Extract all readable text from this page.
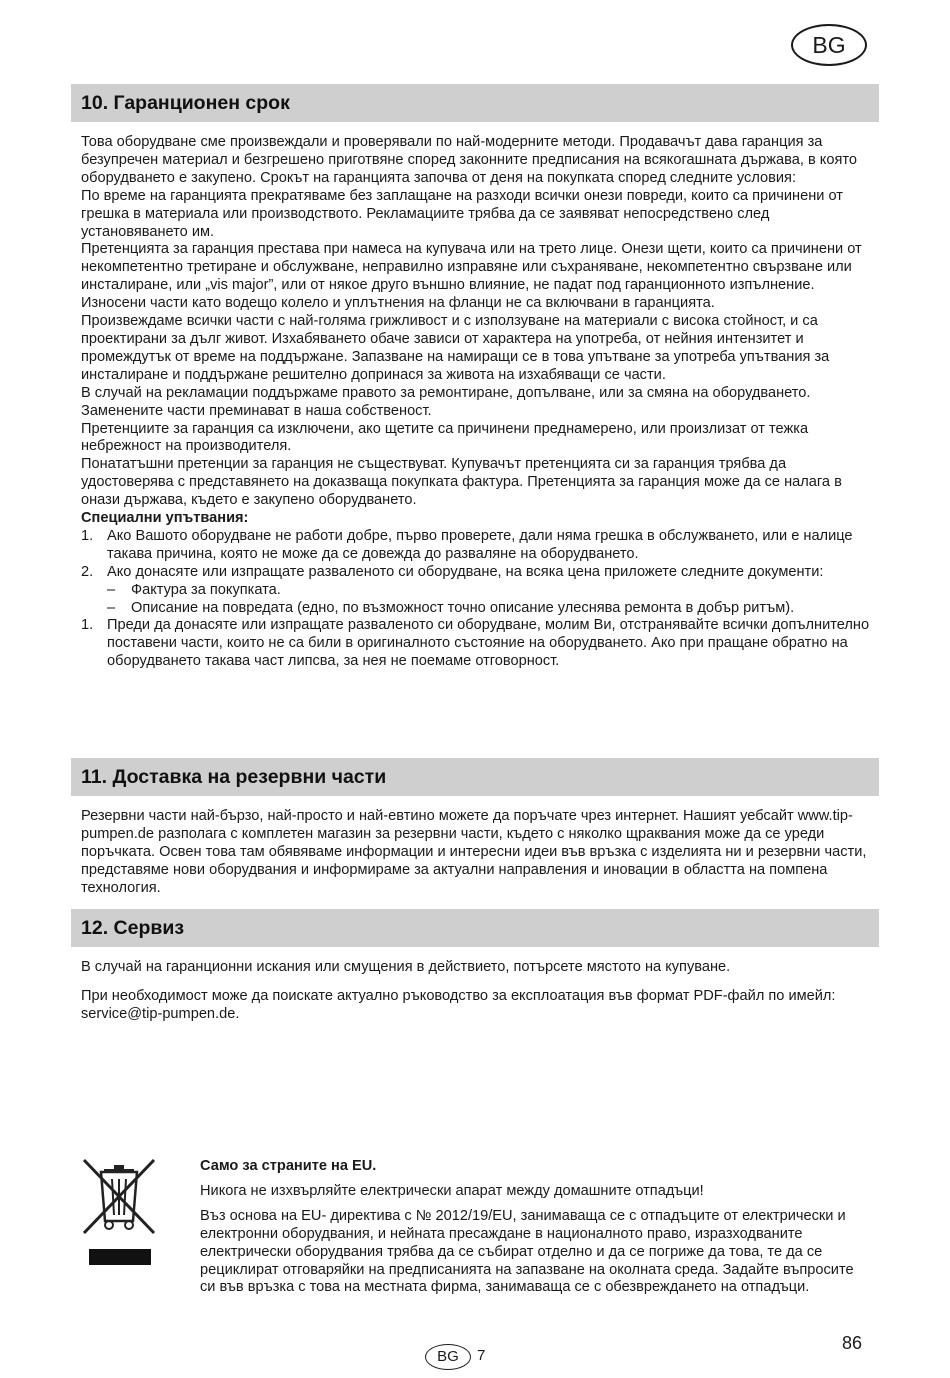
BG
10. Гаранционен срок

Това оборудване сме произвеждали и проверявали по най-модерните методи. Продавачът дава гаранция за безупречен материал и безгрешено приготвяне според законните предписания на всякогашната държава, в която оборудването е закупено. Срокът на гаранцията започва от деня на покупката според следните условия:

По време на гаранцията прекратяваме без заплащане на разходи всички онези повреди, които са причинени от грешка в материала или производството. Рекламациите трябва да се заявяват непосредствено след установяването им.

Претенцията за гаранция престава при намеса на купувача или на трето лице. Онези щети, които са причинени от некомпетентно третиране и обслужване, неправилно изправяне или съхраняване, некомпетентно свързване или инсталиране, или „vis major”, или от някое друго външно влияние, не падат под гаранционното изпълнение.

Износени части като водещо колело и уплътнения на фланци не са включвани в гаранцията.

Произвеждаме всички части с най-голяма грижливост и с използуване на материали с висока стойност, и са проектирани за дълг живот. Изхабяването обаче зависи от характера на употреба, от нейния интензитет и промеждутък от време на поддържане. Запазване на намиращи се в това упътване за употреба упътвания за инсталиране и поддържане решително допринася за живота на изхабяващи се части.

В случай на рекламации поддържаме правото за ремонтиране, допълване, или за смяна на оборудването. Заменените части преминават в наша собственост.

Претенциите за гаранция са изключени, ако щетите са причинени преднамерено, или произлизат от тежка небрежност на производителя.

Понататъшни претенции за гаранция не съществуват. Купувачът претенцията си за гаранция трябва да удостоверява с представянето на доказваща покупката фактура. Претенцията за гаранция може да се налага в онази държава, където е закупено оборудването.

Специални упътвания:

1. Ако Вашото оборудване не работи добре, първо проверете, дали няма грешка в обслужването, или е налице такава причина, която не може да се довежда до разваляне на оборудването.
2. Ако донасяте или изпращате развaленото си оборудване, на всяка цена приложете следните документи:
– Фактура за покупката.
– Описание на повредата (едно, по възможност точно описание улеснява ремонта в добър ритъм).
1. Преди да донасяте или изпращате развaленото си оборудване, молим Ви, отстранявайте всички допълнително поставени части, които не са били в оригиналното състояние на оборудването. Ако при пращане обратно на оборудването такава част липсва, за нея не поемаме отговорност.
11. Доставка на резервни части

Резервни части най-бързо, най-просто и най-евтино можете да поръчате чрез интернет. Нашият уебсайт www.tip-pumpen.de разполага с комплетен магазин за резервни части, където с няколко щраквания може да се уреди поръчката. Освен това там обявяваме информации и интересни идеи във връзка с изделията ни и резервни части, представяме нови оборудвания и информираме за актуални направления и иновации в областта на помпена технология.

12. Сервиз

В случай на гаранционни искания или смущения в действието, потърсете мястото на купуване.

При необходимост може да поискате актуално ръководство за експлоатация във формат PDF-файл по имейл: service@tip-pumpen.de.

Само за страните на EU.

Никога не изхвърляйте електрически апарат между домашните отпадъци!

Въз основа на EU- директива с № 2012/19/EU, занимаваща се с отпадъците от електрически и електронни оборудвания, и нейната пресаждане в националното право, изразходваните електрически оборудвания трябва да се събират отделно и да се погрижe да това, те да се рециклират отговаряйки на предписанията на запазване на околната среда. Задайте въпросите си във връзка с това на местната фирма, занимаваща се с обезвреждането на отпадъци.

86
BG	7
